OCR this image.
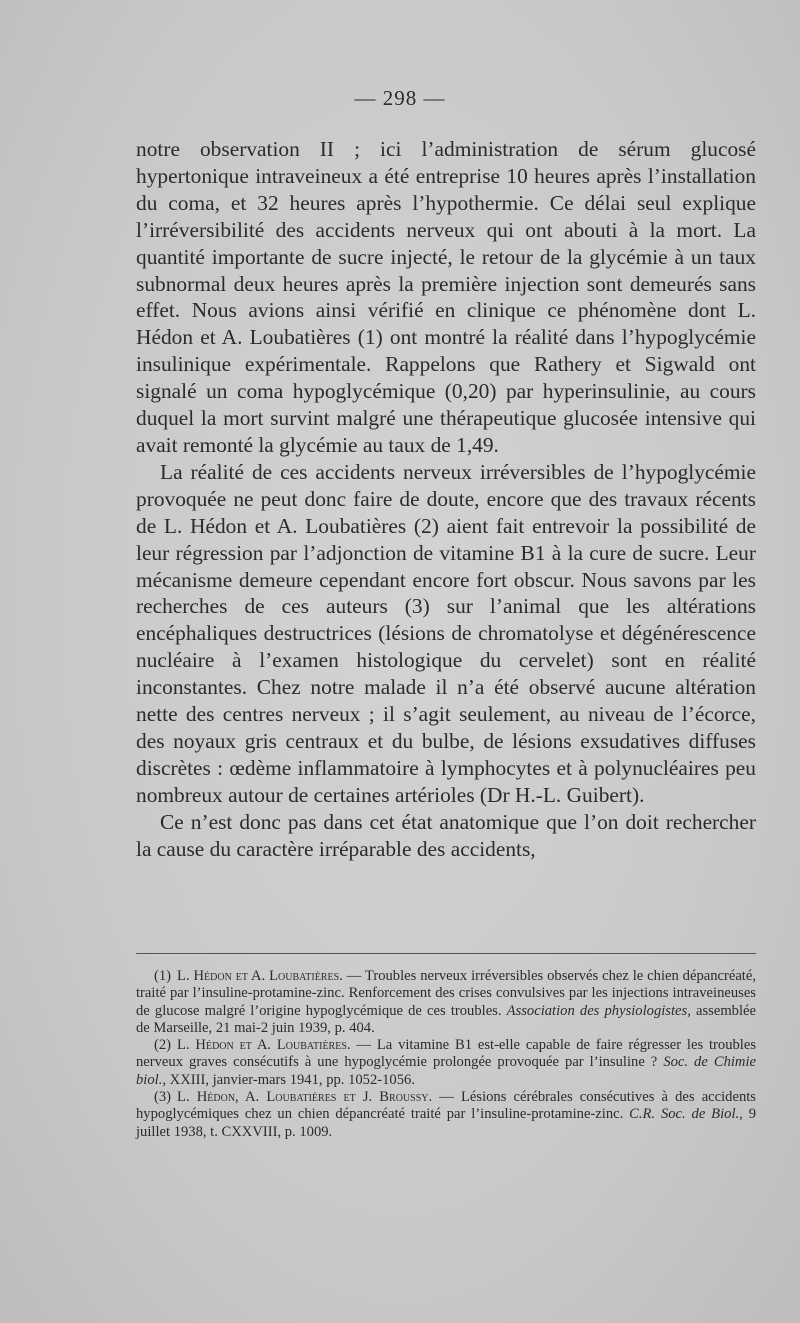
— 298 —

notre observation II ; ici l’administration de sérum glucosé hypertonique intraveineux a été entreprise 10 heures après l’installation du coma, et 32 heures après l’hypothermie. Ce délai seul explique l’irréversibilité des accidents nerveux qui ont abouti à la mort. La quantité importante de sucre injecté, le retour de la glycémie à un taux subnormal deux heures après la première injection sont demeurés sans effet. Nous avions ainsi vérifié en clinique ce phénomène dont L. Hédon et A. Loubatières (1) ont montré la réalité dans l’hypoglycémie insulinique expérimentale. Rappelons que Rathery et Sigwald ont signalé un coma hypoglycémique (0,20) par hyperinsulinie, au cours duquel la mort survint malgré une thérapeutique glucosée intensive qui avait remonté la glycémie au taux de 1,49.

La réalité de ces accidents nerveux irréversibles de l’hypoglycémie provoquée ne peut donc faire de doute, encore que des travaux récents de L. Hédon et A. Loubatières (2) aient fait entrevoir la possibilité de leur régression par l’adjonction de vitamine B1 à la cure de sucre. Leur mécanisme demeure cependant encore fort obscur. Nous savons par les recherches de ces auteurs (3) sur l’animal que les altérations encéphaliques destructrices (lésions de chromatolyse et dégénérescence nucléaire à l’examen histologique du cervelet) sont en réalité inconstantes. Chez notre malade il n’a été observé aucune altération nette des centres nerveux ; il s’agit seulement, au niveau de l’écorce, des noyaux gris centraux et du bulbe, de lésions exsudatives diffuses discrètes : œdème inflammatoire à lymphocytes et à polynucléaires peu nombreux autour de certaines artérioles (Dr H.-L. Guibert).

Ce n’est donc pas dans cet état anatomique que l’on doit rechercher la cause du caractère irréparable des accidents,

(1) L. Hédon et A. Loubatières. — Troubles nerveux irréversibles observés chez le chien dépancréaté, traité par l’insuline-protamine-zinc. Renforcement des crises convulsives par les injections intraveineuses de glucose malgré l’origine hypoglycémique de ces troubles. Association des physiologistes, assemblée de Marseille, 21 mai-2 juin 1939, p. 404.

(2) L. Hédon et A. Loubatières. — La vitamine B1 est-elle capable de faire régresser les troubles nerveux graves consécutifs à une hypoglycémie prolongée provoquée par l’insuline ? Soc. de Chimie biol., XXIII, janvier-mars 1941, pp. 1052-1056.

(3) L. Hédon, A. Loubatières et J. Broussy. — Lésions cérébrales consécutives à des accidents hypoglycémiques chez un chien dépancréaté traité par l’insuline-protamine-zinc. C.R. Soc. de Biol., 9 juillet 1938, t. CXXVIII, p. 1009.
